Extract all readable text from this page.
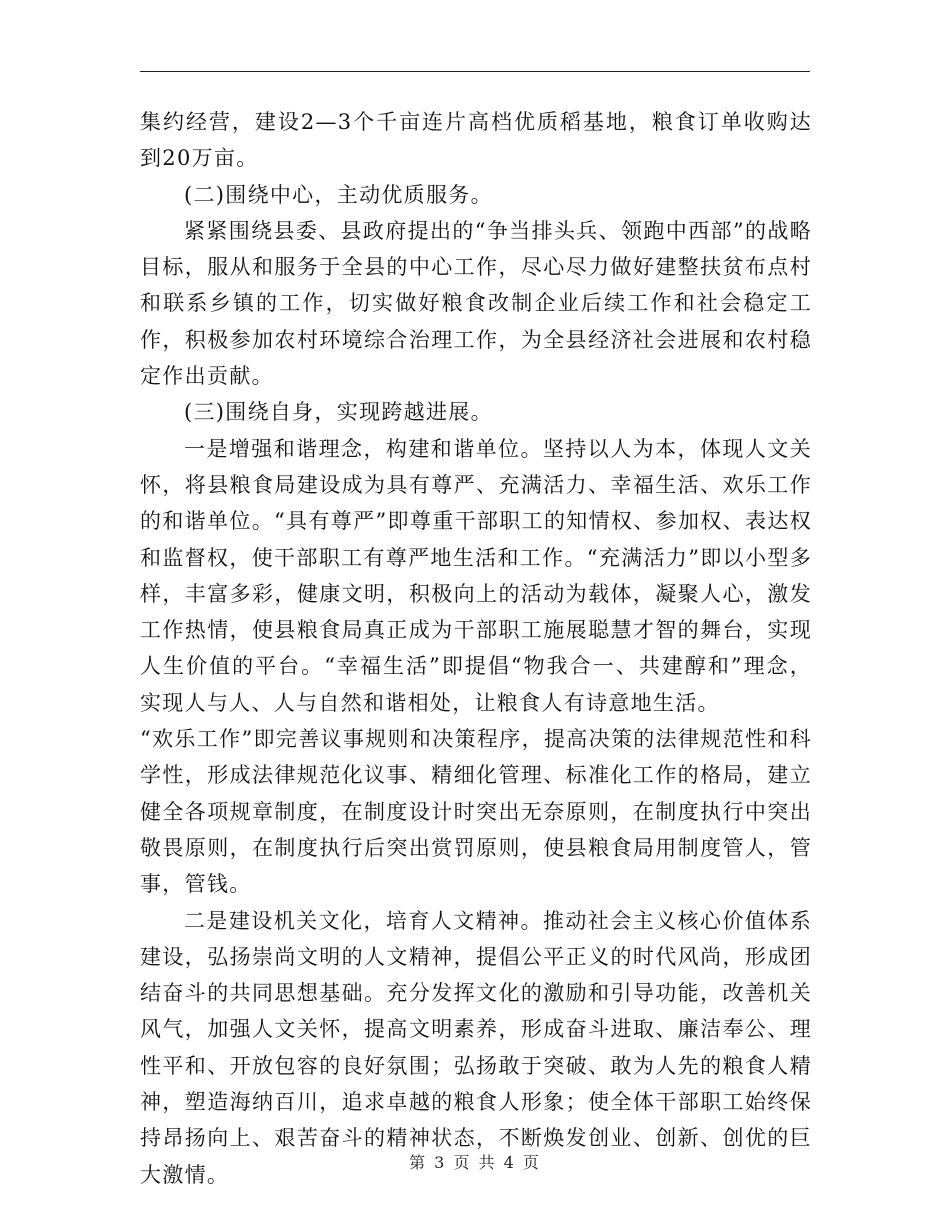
集约经营，建设2—3个千亩连片高档优质稻基地，粮食订单收购达到20万亩。

(二)围绕中心，主动优质服务。

紧紧围绕县委、县政府提出的“争当排头兵、领跑中西部”的战略目标，服从和服务于全县的中心工作，尽心尽力做好建整扶贫布点村和联系乡镇的工作，切实做好粮食改制企业后续工作和社会稳定工作，积极参加农村环境综合治理工作，为全县经济社会进展和农村稳定作出贡献。

(三)围绕自身，实现跨越进展。

一是增强和谐理念，构建和谐单位。坚持以人为本，体现人文关怀，将县粮食局建设成为具有尊严、充满活力、幸福生活、欢乐工作的和谐单位。“具有尊严”即尊重干部职工的知情权、参加权、表达权和监督权，使干部职工有尊严地生活和工作。“充满活力”即以小型多样，丰富多彩，健康文明，积极向上的活动为载体，凝聚人心，激发工作热情，使县粮食局真正成为干部职工施展聪慧才智的舞台，实现人生价值的平台。“幸福生活”即提倡“物我合一、共建醇和”理念，实现人与人、人与自然和谐相处，让粮食人有诗意地生活。

“欢乐工作”即完善议事规则和决策程序，提高决策的法律规范性和科学性，形成法律规范化议事、精细化管理、标准化工作的格局，建立健全各项规章制度，在制度设计时突出无奈原则，在制度执行中突出敬畏原则，在制度执行后突出赏罚原则，使县粮食局用制度管人，管事，管钱。

二是建设机关文化，培育人文精神。推动社会主义核心价值体系建设，弘扬崇尚文明的人文精神，提倡公平正义的时代风尚，形成团结奋斗的共同思想基础。充分发挥文化的激励和引导功能，改善机关风气，加强人文关怀，提高文明素养，形成奋斗进取、廉洁奉公、理性平和、开放包容的良好氛围；弘扬敢于突破、敢为人先的粮食人精神，塑造海纳百川，追求卓越的粮食人形象；使全体干部职工始终保持昂扬向上、艰苦奋斗的精神状态，不断焕发创业、创新、创优的巨大激情。

第 3 页 共 4 页
